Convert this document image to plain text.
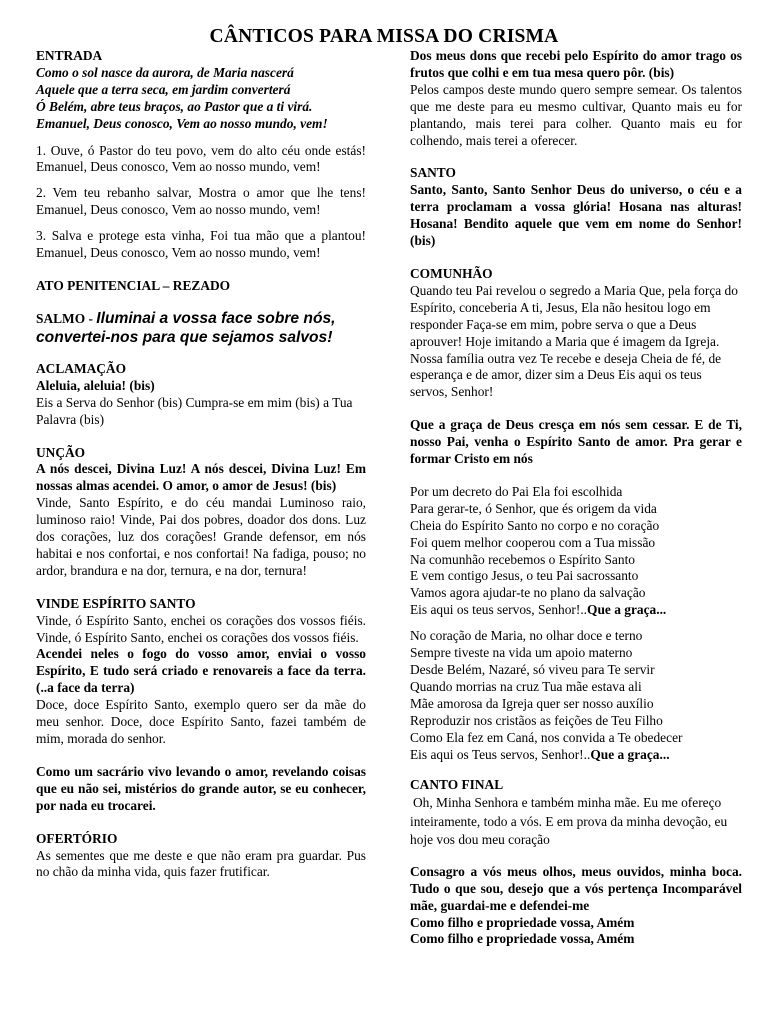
CÂNTICOS PARA MISSA DO CRISMA
ENTRADA
Como o sol nasce da aurora, de Maria nascerá
Aquele que a terra seca, em jardim converterá
Ó Belém, abre teus braços, ao Pastor que a ti virá.
Emanuel, Deus conosco, Vem ao nosso mundo, vem!

1. Ouve, ó Pastor do teu povo, vem do alto céu onde estás! Emanuel, Deus conosco, Vem ao nosso mundo, vem!

2. Vem teu rebanho salvar, Mostra o amor que lhe tens! Emanuel, Deus conosco, Vem ao nosso mundo, vem!

3. Salva e protege esta vinha, Foi tua mão que a plantou! Emanuel, Deus conosco, Vem ao nosso mundo, vem!

ATO PENITENCIAL – REZADO
SALMO - Iluminai a vossa face sobre nós, convertei-nos para que sejamos salvos!
ACLAMAÇÃO
Aleluia, aleluia! (bis)

Eis a Serva do Senhor (bis) Cumpra-se em mim (bis) a Tua Palavra (bis)

UNÇÃO

A nós descei, Divina Luz! A nós descei, Divina Luz! Em nossas almas acendei. O amor, o amor de Jesus! (bis)

Vinde, Santo Espírito, e do céu mandai Luminoso raio, luminoso raio! Vinde, Pai dos pobres, doador dos dons. Luz dos corações, luz dos corações! Grande defensor, em nós habitai e nos confortai, e nos confortai! Na fadiga, pouso; no ardor, brandura e na dor, ternura, e na dor, ternura!

VINDE ESPÍRITO SANTO

Vinde, ó Espírito Santo, enchei os corações dos vossos fiéis. Vinde, ó Espírito Santo, enchei os corações dos vossos fiéis.

Acendei neles o fogo do vosso amor, enviai o vosso Espírito, E tudo será criado e renovareis a face da terra. (..a face da terra)

Doce, doce Espírito Santo, exemplo quero ser da mãe do meu senhor. Doce, doce Espírito Santo, fazei também de mim, morada do senhor.

Como um sacrário vivo levando o amor, revelando coisas que eu não sei, mistérios do grande autor, se eu conhecer, por nada eu trocarei.

OFERTÓRIO

As sementes que me deste e que não eram pra guardar. Pus no chão da minha vida, quis fazer frutificar.

Dos meus dons que recebi pelo Espírito do amor trago os frutos que colhi e em tua mesa quero pôr. (bis)

Pelos campos deste mundo quero sempre semear. Os talentos que me deste para eu mesmo cultivar, Quanto mais eu for plantando, mais terei para colher. Quanto mais eu for colhendo, mais terei a oferecer.

SANTO

Santo, Santo, Santo Senhor Deus do universo, o céu e a terra proclamam a vossa glória! Hosana nas alturas! Hosana! Bendito aquele que vem em nome do Senhor! (bis)

COMUNHÃO

Quando teu Pai revelou o segredo a Maria Que, pela força do Espírito, conceberia A ti, Jesus, Ela não hesitou logo em responder Faça-se em mim, pobre serva o que a Deus aprouver! Hoje imitando a Maria que é imagem da Igreja. Nossa família outra vez Te recebe e deseja Cheia de fé, de esperança e de amor, dizer sim a Deus Eis aqui os teus servos, Senhor!

Que a graça de Deus cresça em nós sem cessar. E de Ti, nosso Pai, venha o Espírito Santo de amor. Pra gerar e formar Cristo em nós

Por um decreto do Pai Ela foi escolhida
Para gerar-te, ó Senhor, que és origem da vida
Cheia do Espírito Santo no corpo e no coração
Foi quem melhor cooperou com a Tua missão
Na comunhão recebemos o Espírito Santo
E vem contigo Jesus, o teu Pai sacrossanto
Vamos agora ajudar-te no plano da salvação
Eis aqui os teus servos, Senhor!..Que a graça...
No coração de Maria, no olhar doce e terno
Sempre tiveste na vida um apoio materno
Desde Belém, Nazaré, só viveu para Te servir
Quando morrias na cruz Tua mãe estava ali
Mãe amorosa da Igreja quer ser nosso auxílio
Reproduzir nos cristãos as feições de Teu Filho
Como Ela fez em Caná, nos convida a Te obedecer
Eis aqui os Teus servos, Senhor!..Que a graça...
CANTO FINAL

Oh, Minha Senhora e também minha mãe. Eu me ofereço inteiramente, todo a vós. E em prova da minha devoção, eu hoje vos dou meu coração

Consagro a vós meus olhos, meus ouvidos, minha boca. Tudo o que sou, desejo que a vós pertença Incomparável mãe, guardai-me e defendei-me

Como filho e propriedade vossa, Amém
Como filho e propriedade vossa, Amém
